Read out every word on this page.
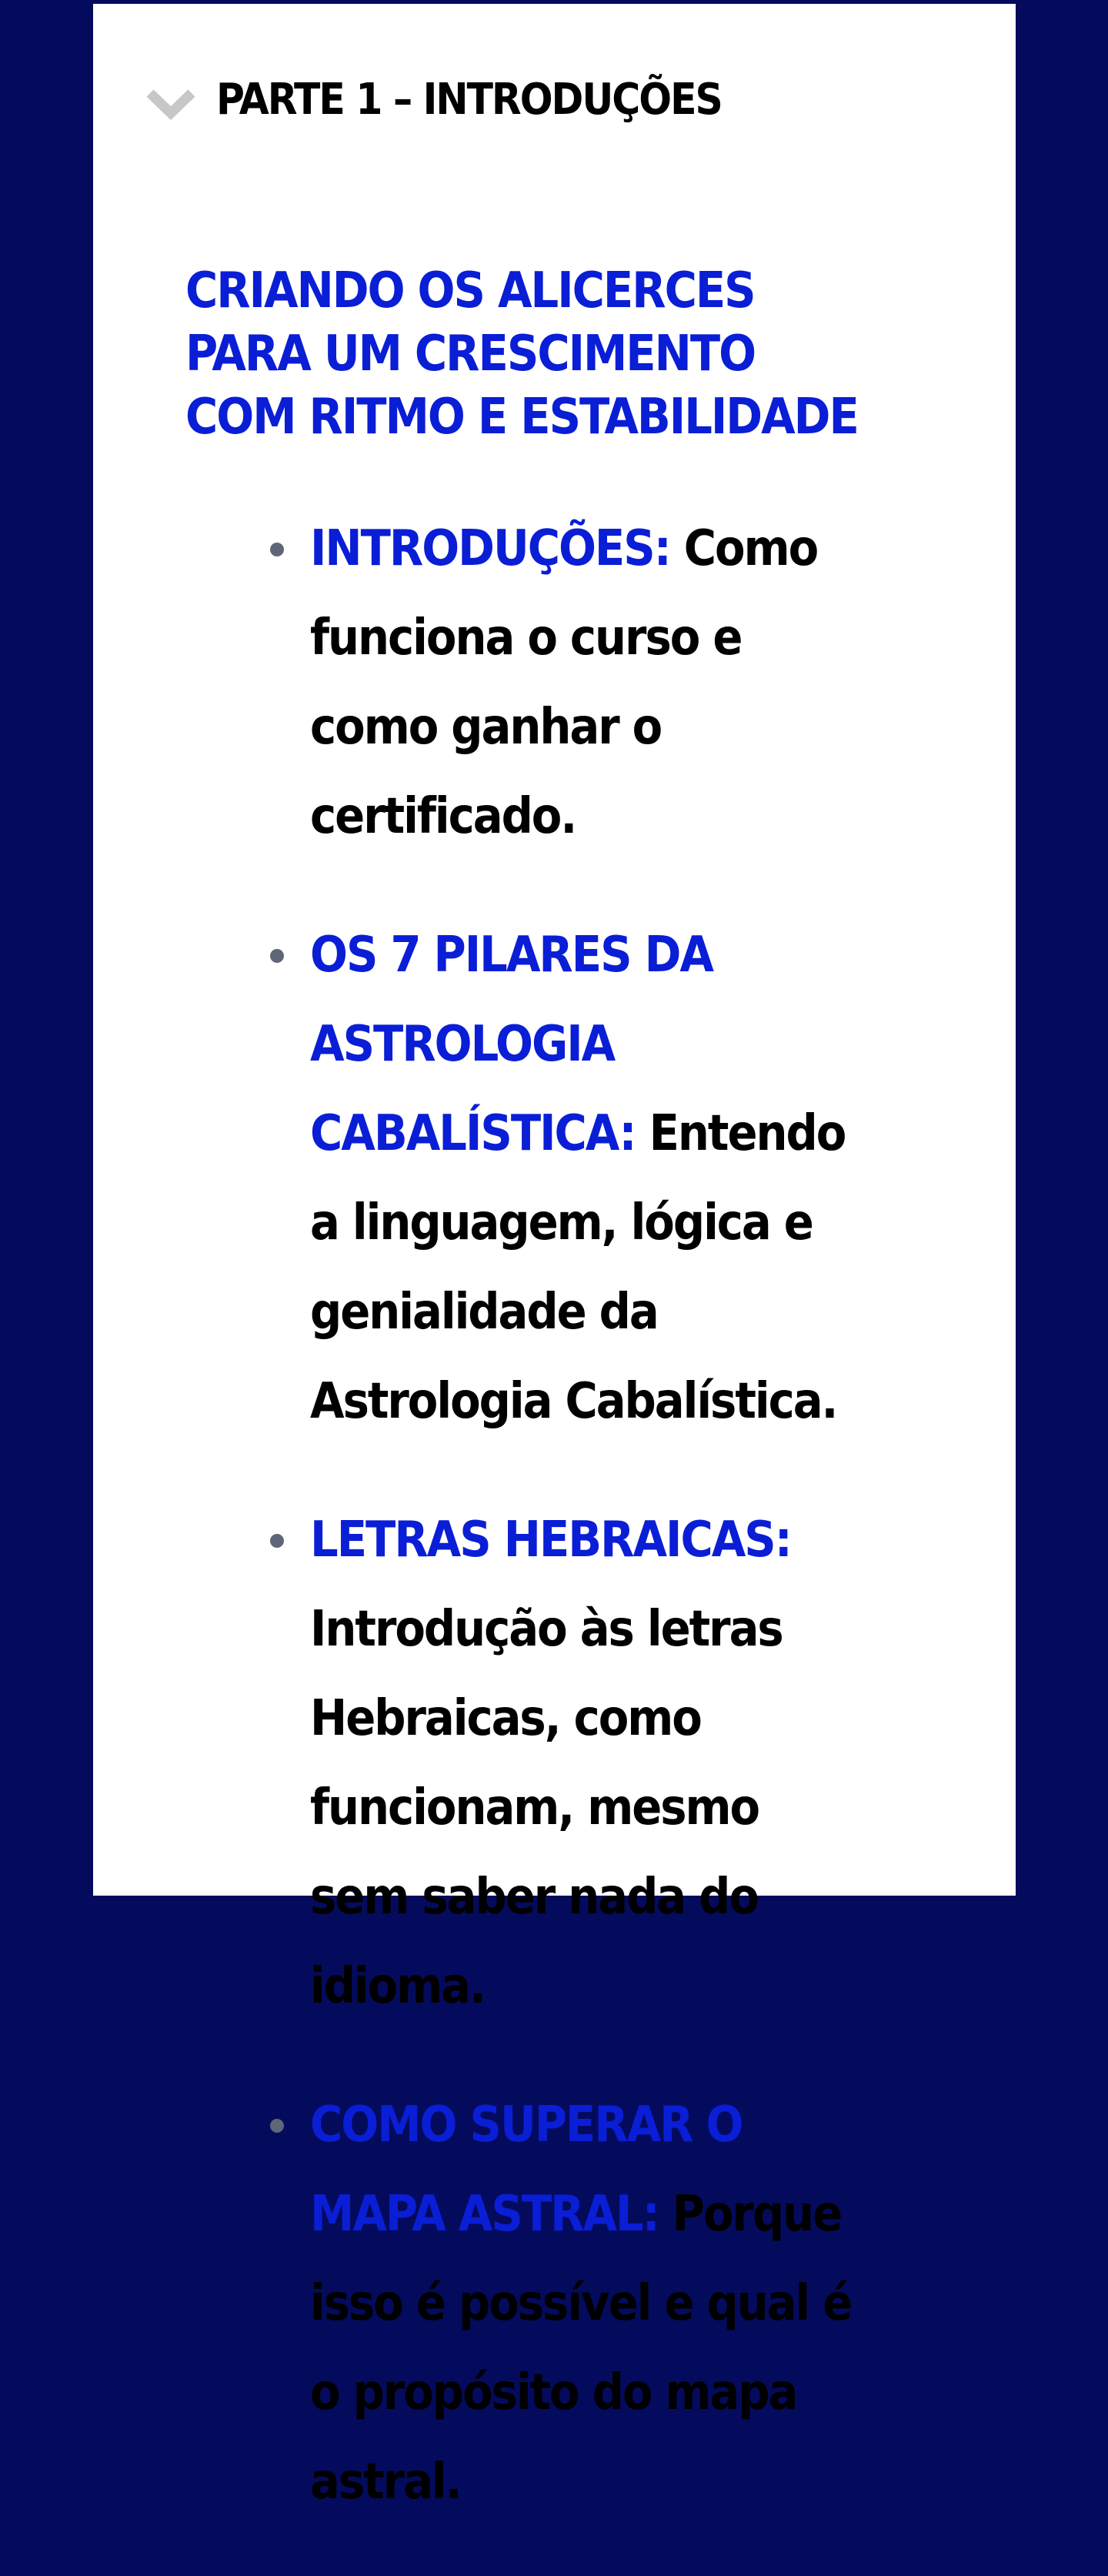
PARTE 1 – INTRODUÇÕES
CRIANDO OS ALICERCES PARA UM CRESCIMENTO COM RITMO E ESTABILIDADE
INTRODUÇÕES: Como funciona o curso e como ganhar o certificado.
OS 7 PILARES DA ASTROLOGIA CABALÍSTICA: Entendo a linguagem, lógica e genialidade da Astrologia Cabalística.
LETRAS HEBRAICAS: Introdução às letras Hebraicas, como funcionam, mesmo sem saber nada do idioma.
COMO SUPERAR O MAPA ASTRAL: Porque isso é possível e qual é o propósito do mapa astral.
